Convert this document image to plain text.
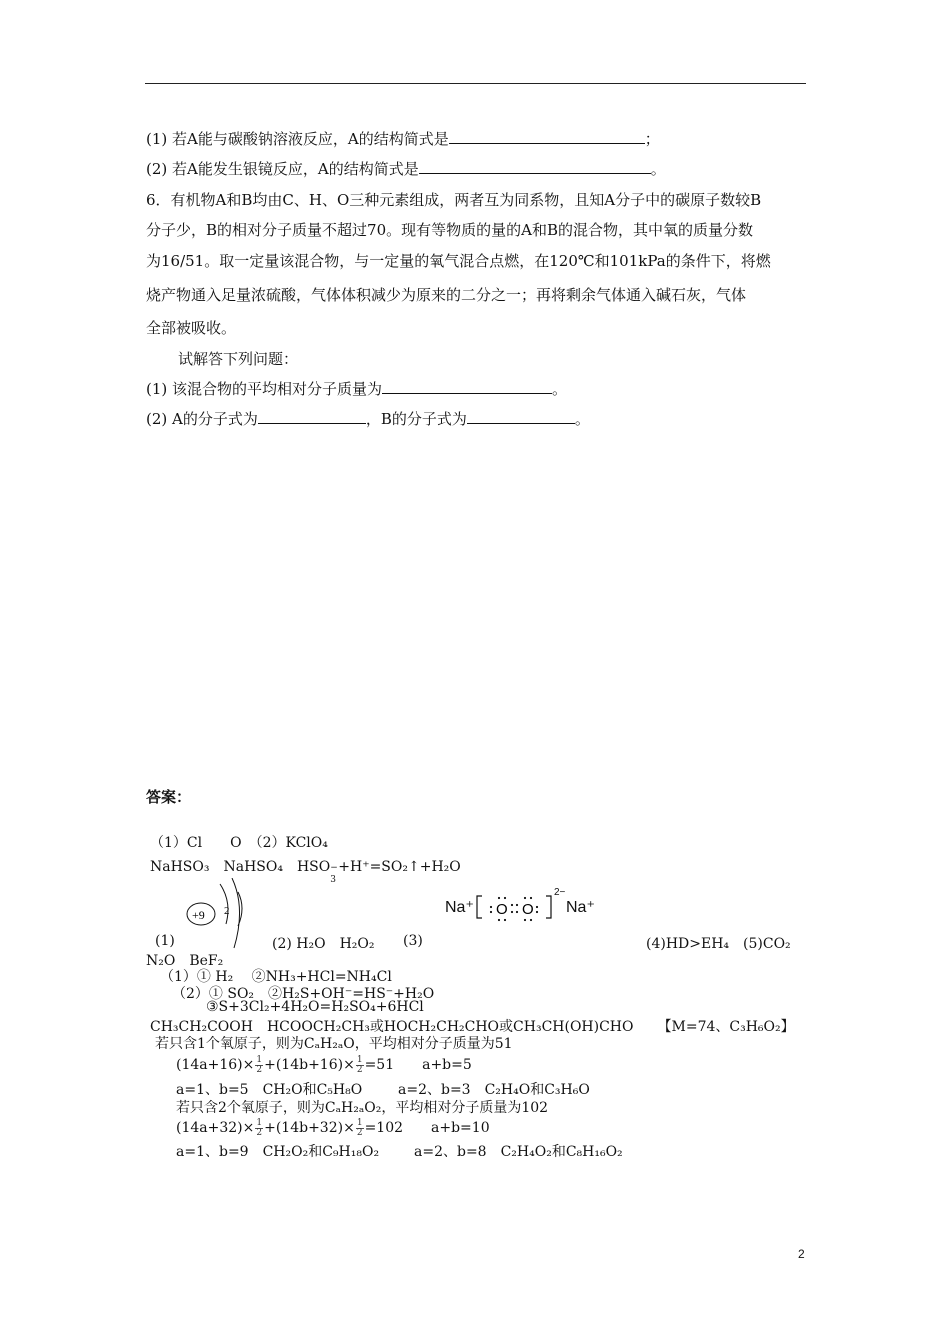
(1) 若A能与碳酸钠溶液反应，A的结构简式是	；
(2) 若A能发生银镜反应，A的结构简式是	。
6．有机物A和B均由C、H、O三种元素组成，两者互为同系物，且知A分子中的碳原子数较B
分子少，B的相对分子质量不超过70。现有等物质的量的A和B的混合物，其中氧的质量分数
为16/51。取一定量该混合物，与一定量的氧气混合点燃，在120℃和101kPa的条件下，将燃
烧产物通入足量浓硫酸，气体体积减少为原来的二分之一；再将剩余气体通入碱石灰，气体
全部被吸收。
试解答下列问题：
(1) 该混合物的平均相对分子质量为	。
(2) A的分子式为	，B的分子式为	。
答案：
（1）Cl　　O　（2）KClO₄
NaHSO₃　NaHSO₄　HSO −
3
+H⁺=SO₂↑+H₂O
+9 2	Na⁺ O O
2−
Na⁺
(1)	(2) H₂O　H₂O₂ (3)	(4)HD>EH₄　(5)CO₂
N₂O　BeF₂
（1）① H₂　 ②NH₃+HCl=NH₄Cl
（2）① SO₂　②H₂S+OH⁻=HS⁻+H₂O
③S+3Cl₂+4H₂O=H₂SO₄+6HCl
CH₃CH₂COOH　HCOOCH₂CH₃或HOCH₂CH₂CHO或CH₃CH(OH)CHO 【M=74、C₃H₆O₂】
若只含1个氧原子，则为CₐH₂ₐO，平均相对分子质量为51
$(14a+16)\times \frac{1}{2} +(14b+16)\times \frac{1}{2} =51$　　a+b=5
a=1、b=5　CH₂O和C₅H₈O	a=2、b=3　C₂H₄O和C₃H₆O
若只含2个氧原子，则为CₐH₂ₐO₂，平均相对分子质量为102
$(14a+32)\times \frac{1}{2} +(14b+32)\times \frac{1}{2} =102$　　a+b=10
a=1、b=9　CH₂O₂和C₉H₁₈O₂ a=2、b=8　C₂H₄O₂和C₈H₁₆O₂
2
